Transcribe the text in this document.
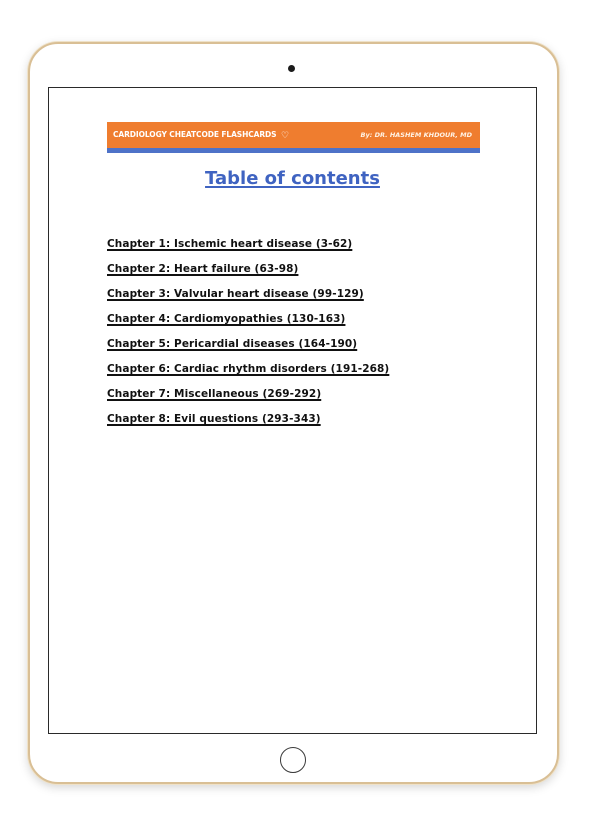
CARDIOLOGY CHEATCODE FLASHCARDS ♡	By: DR. HASHEM KHDOUR, MD
Table of contents
Chapter 1: Ischemic heart disease (3-62)
Chapter 2: Heart failure (63-98)
Chapter 3: Valvular heart disease (99-129)
Chapter 4: Cardiomyopathies (130-163)
Chapter 5: Pericardial diseases (164-190)
Chapter 6: Cardiac rhythm disorders (191-268)
Chapter 7: Miscellaneous (269-292)
Chapter 8: Evil questions (293-343)
